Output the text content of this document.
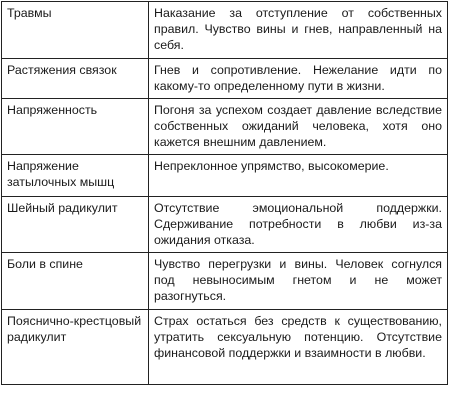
Травмы	Наказание за отступление от собственных правил. Чувство вины и гнев, направленный на себя.

Растяжения связок	Гнев и сопротивление. Нежелание идти по какому-то определенному пути в жизни.

Напряженность	Погоня за успехом создает давление вследствие собственных ожиданий человека, хотя оно кажется внешним давлением.

Напряжение затылочных мышц	Непреклонное упрямство, высокомерие.

Шейный радикулит	Отсутствие эмоциональной поддержки. Сдерживание потребности в любви из-за ожидания отказа.

Боли в спине	Чувство перегрузки и вины. Человек согнулся под невыносимым гнетом и не может разогнуться.

Пояснично-крестцовый радикулит	Страх остаться без средств к существованию, утратить сексуальную потенцию. Отсутствие финансовой поддержки и взаимности в любви.
